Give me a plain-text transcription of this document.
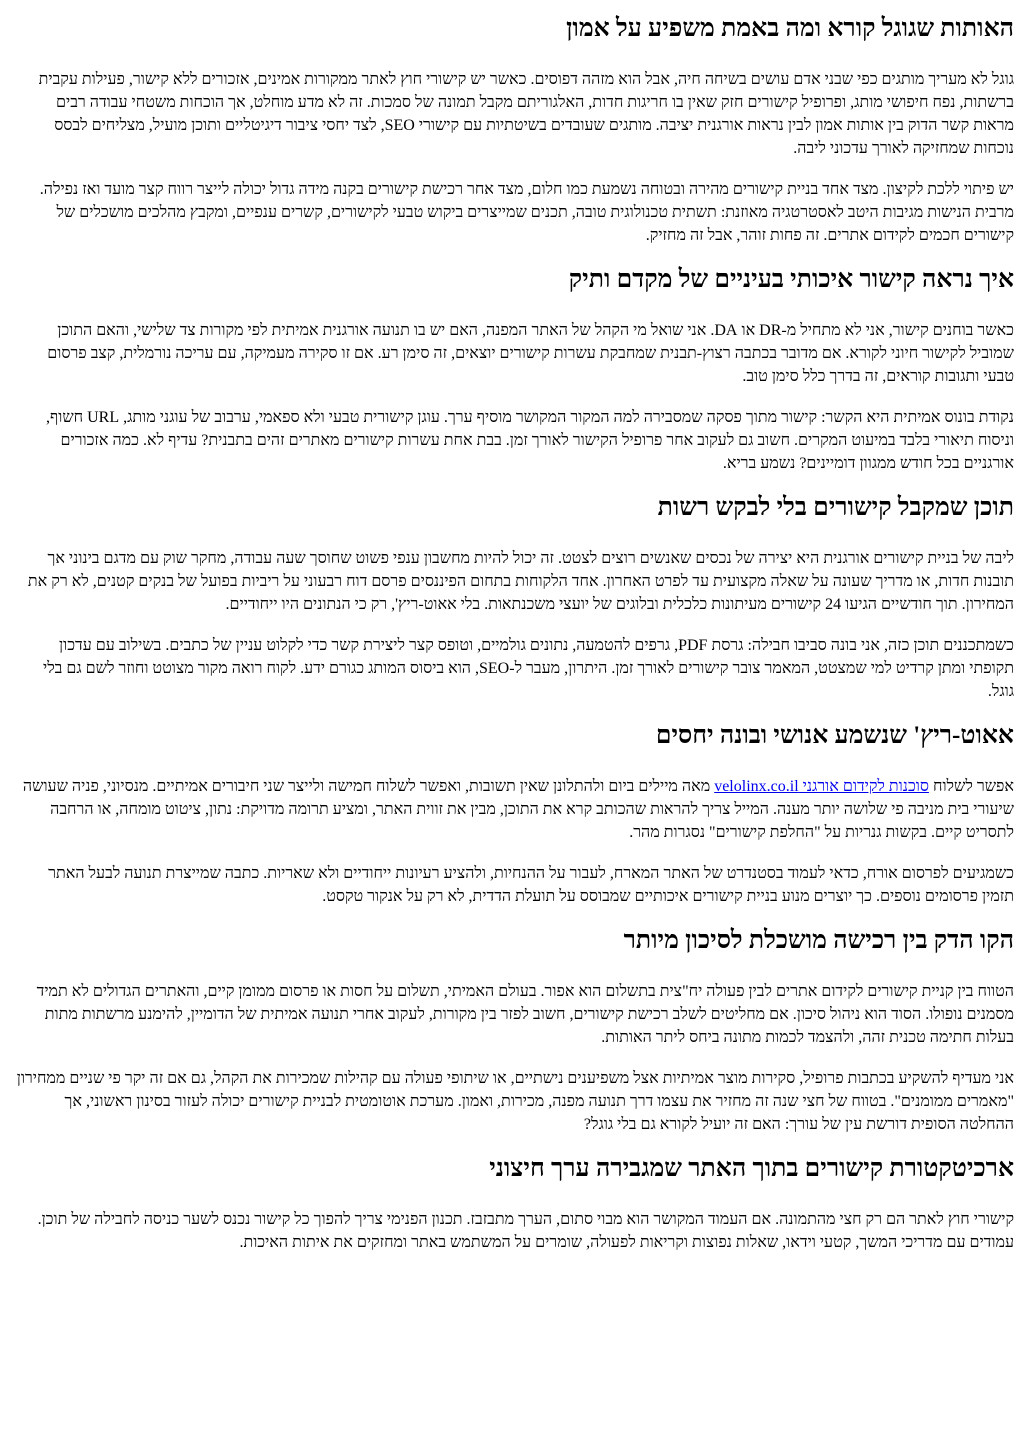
האותות שגוגל קורא ומה באמת משפיע על אמון

גוגל לא מעריך מותגים כפי שבני אדם עושים בשיחה חיה, אבל הוא מזהה דפוסים. כאשר יש קישורי חוץ לאתר ממקורות אמינים, אזכורים ללא קישור, פעילות עקבית ברשתות, נפח חיפושי מותג, ופרופיל קישורים חזק שאין בו חריגות חדות, האלגוריתם מקבל תמונה של סמכות. זה לא מדע מוחלט, אך הוכחות משטחי עבודה רבים מראות קשר הדוק בין אותות אמון לבין נראות אורגנית יציבה. מותגים שעובדים בשיטתיות עם קישורי SEO, לצד יחסי ציבור דיגיטליים ותוכן מועיל, מצליחים לבסס נוכחות שמחזיקה לאורך עדכוני ליבה.

יש פיתוי ללכת לקיצון. מצד אחד בניית קישורים מהירה ובטוחה נשמעת כמו חלום, מצד אחר רכישת קישורים בקנה מידה גדול יכולה לייצר רווח קצר מועד ואז נפילה. מרבית הנישות מגיבות היטב לאסטרטגיה מאוזנת: תשתית טכנולוגית טובה, תכנים שמייצרים ביקוש טבעי לקישורים, קשרים ענפיים, ומקבץ מהלכים מושכלים של קישורים חכמים לקידום אתרים. זה פחות זוהר, אבל זה מחזיק.

איך נראה קישור איכותי בעיניים של מקדם ותיק

כאשר בוחנים קישור, אני לא מתחיל מ-DR או DA. אני שואל מי הקהל של האתר המפנה, האם יש בו תנועה אורגנית אמיתית לפי מקורות צד שלישי, והאם התוכן שמוביל לקישור חיוני לקורא. אם מדובר בכתבה רצוץ-תבנית שמחבקת עשרות קישורים יוצאים, זה סימן רע. אם זו סקירה מעמיקה, עם עריכה נורמלית, קצב פרסום טבעי ותגובות קוראים, זה בדרך כלל סימן טוב.

נקודת בונוס אמיתית היא הקשר: קישור מתוך פסקה שמסבירה למה המקור המקושר מוסיף ערך. עוגן קישורית טבעי ולא ספאמי, ערבוב של עוגני מותג, URL חשוף, וניסוח תיאורי בלבד במיעוט המקרים. חשוב גם לעקוב אחר פרופיל הקישור לאורך זמן. בבת אחת עשרות קישורים מאתרים זהים בתבנית? עדיף לא. כמה אזכורים אורגניים בכל חודש ממגוון דומיינים? נשמע בריא.

תוכן שמקבל קישורים בלי לבקש רשות

ליבה של בניית קישורים אורגנית היא יצירה של נכסים שאנשים רוצים לצטט. זה יכול להיות מחשבון ענפי פשוט שחוסך שעה עבודה, מחקר שוק עם מדגם בינוני אך תובנות חדות, או מדריך שעונה על שאלה מקצועית עד לפרט האחרון. אחד הלקוחות בתחום הפיננסים פרסם דוח רבעוני על ריביות בפועל של בנקים קטנים, לא רק את המחירון. תוך חודשיים הגיעו 24 קישורים מעיתונות כלכלית ובלוגים של יועצי משכנתאות. בלי אאוט-ריץ', רק כי הנתונים היו ייחודיים.

כשמתכננים תוכן כזה, אני בונה סביבו חבילה: גרסת PDF, גרפים להטמעה, נתונים גולמיים, וטופס קצר ליצירת קשר כדי לקלוט עניין של כתבים. בשילוב עם עדכון תקופתי ומתן קרדיט למי שמצטט, המאמר צובר קישורים לאורך זמן. היתרון, מעבר ל-SEO, הוא ביסוס המותג כגורם ידע. לקוח רואה מקור מצוטט וחוזר לשם גם בלי גוגל.

אאוט-ריץ' שנשמע אנושי ובונה יחסים

אפשר לשלוח סוכנות לקידום אורגני velolinx.co.il מאה מיילים ביום ולהתלונן שאין תשובות, ואפשר לשלוח חמישה ולייצר שני חיבורים אמיתיים. מנסיוני, פניה שעושה שיעורי בית מניבה פי שלושה יותר מענה. המייל צריך להראות שהכותב קרא את התוכן, מבין את זווית האתר, ומציע תרומה מדויקת: נתון, ציטוט מומחה, או הרחבה לתסריט קיים. בקשות גנריות על "החלפת קישורים" נסגרות מהר.

כשמגיעים לפרסום אורח, כדאי לעמוד בסטנדרט של האתר המארח, לעבור על ההנחיות, ולהציע רעיונות ייחודיים ולא שאריות. כתבה שמייצרת תנועה לבעל האתר תזמין פרסומים נוספים. כך יוצרים מנוע בניית קישורים איכותיים שמבוסס על תועלת הדדית, לא רק על אנקור טקסט.

הקו הדק בין רכישה מושכלת לסיכון מיותר

הטווח בין קניית קישורים לקידום אתרים לבין פעולה יח"צית בתשלום הוא אפור. בעולם האמיתי, תשלום על חסות או פרסום ממומן קיים, והאתרים הגדולים לא תמיד מסמנים נופולו. הסוד הוא ניהול סיכון. אם מחליטים לשלב רכישת קישורים, חשוב לפזר בין מקורות, לעקוב אחרי תנועה אמיתית של הדומיין, להימנע מרשתות מתות בעלות חתימה טכנית זהה, ולהצמד לכמות מתונה ביחס ליתר האותות.

אני מעדיף להשקיע בכתבות פרופיל, סקירות מוצר אמיתיות אצל משפיענים נישתיים, או שיתופי פעולה עם קהילות שמכירות את הקהל, גם אם זה יקר פי שניים ממחירון "מאמרים ממומנים". בטווח של חצי שנה זה מחזיר את עצמו דרך תנועה מפנה, מכירות, ואמון. מערכת אוטומטית לבניית קישורים יכולה לעזור בסינון ראשוני, אך ההחלטה הסופית דורשת עין של עורך: האם זה יועיל לקורא גם בלי גוגל?

ארכיטקטורת קישורים בתוך האתר שמגבירה ערך חיצוני

קישורי חוץ לאתר הם רק חצי מהתמונה. אם העמוד המקושר הוא מבוי סתום, הערך מתבזבז. תכנון הפנימי צריך להפוך כל קישור נכנס לשער כניסה לחבילה של תוכן. עמודים עם מדריכי המשך, קטעי וידאו, שאלות נפוצות וקריאות לפעולה, שומרים על המשתמש באתר ומחזקים את איתות האיכות.
